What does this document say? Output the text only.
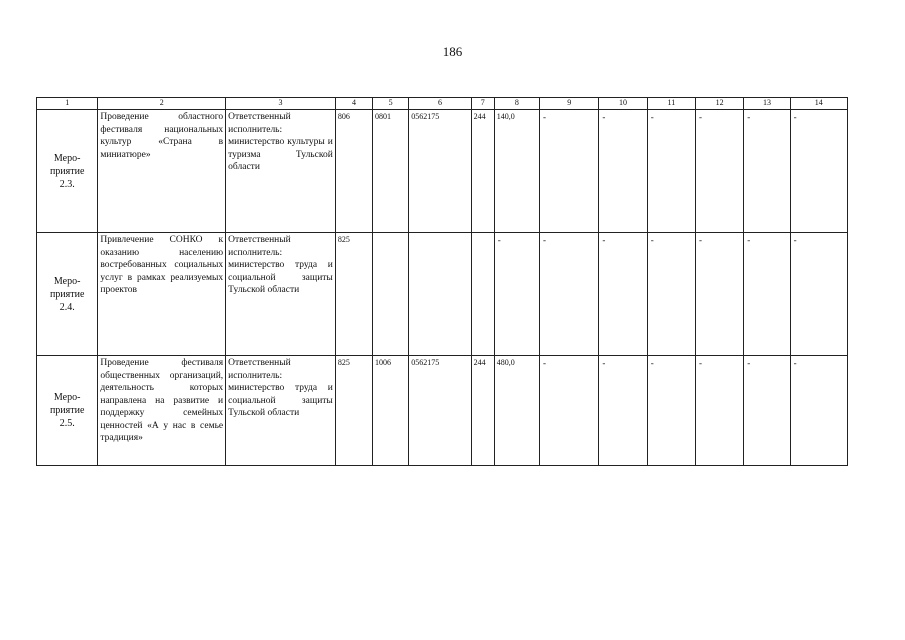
186
1	2	3	4	5	6	7	8	9	10	11	12	13	14

Меро-
приятие
2.3.	Проведение областного фестиваля национальных культур «Страна в миниатюре»	Ответственный исполнитель: министерство культуры и туризма Тульской области	806	0801	0562175	244	140,0	-	-	-	-	-	-

Меро-
приятие
2.4.	Привлечение СОНКО к оказанию населению востребованных социальных услуг в рамках реализуемых проектов	Ответственный исполнитель: министерство труда и социальной защиты Тульской области	825				-	-	-	-	-	-	-

Меро-
приятие
2.5.	Проведение фестиваля общественных организаций, деятельность которых направлена на развитие и поддержку семейных ценностей «А у нас в семье традиция»	Ответственный исполнитель: министерство труда и социальной защиты Тульской области	825	1006	0562175	244	480,0	-	-	-	-	-	-
